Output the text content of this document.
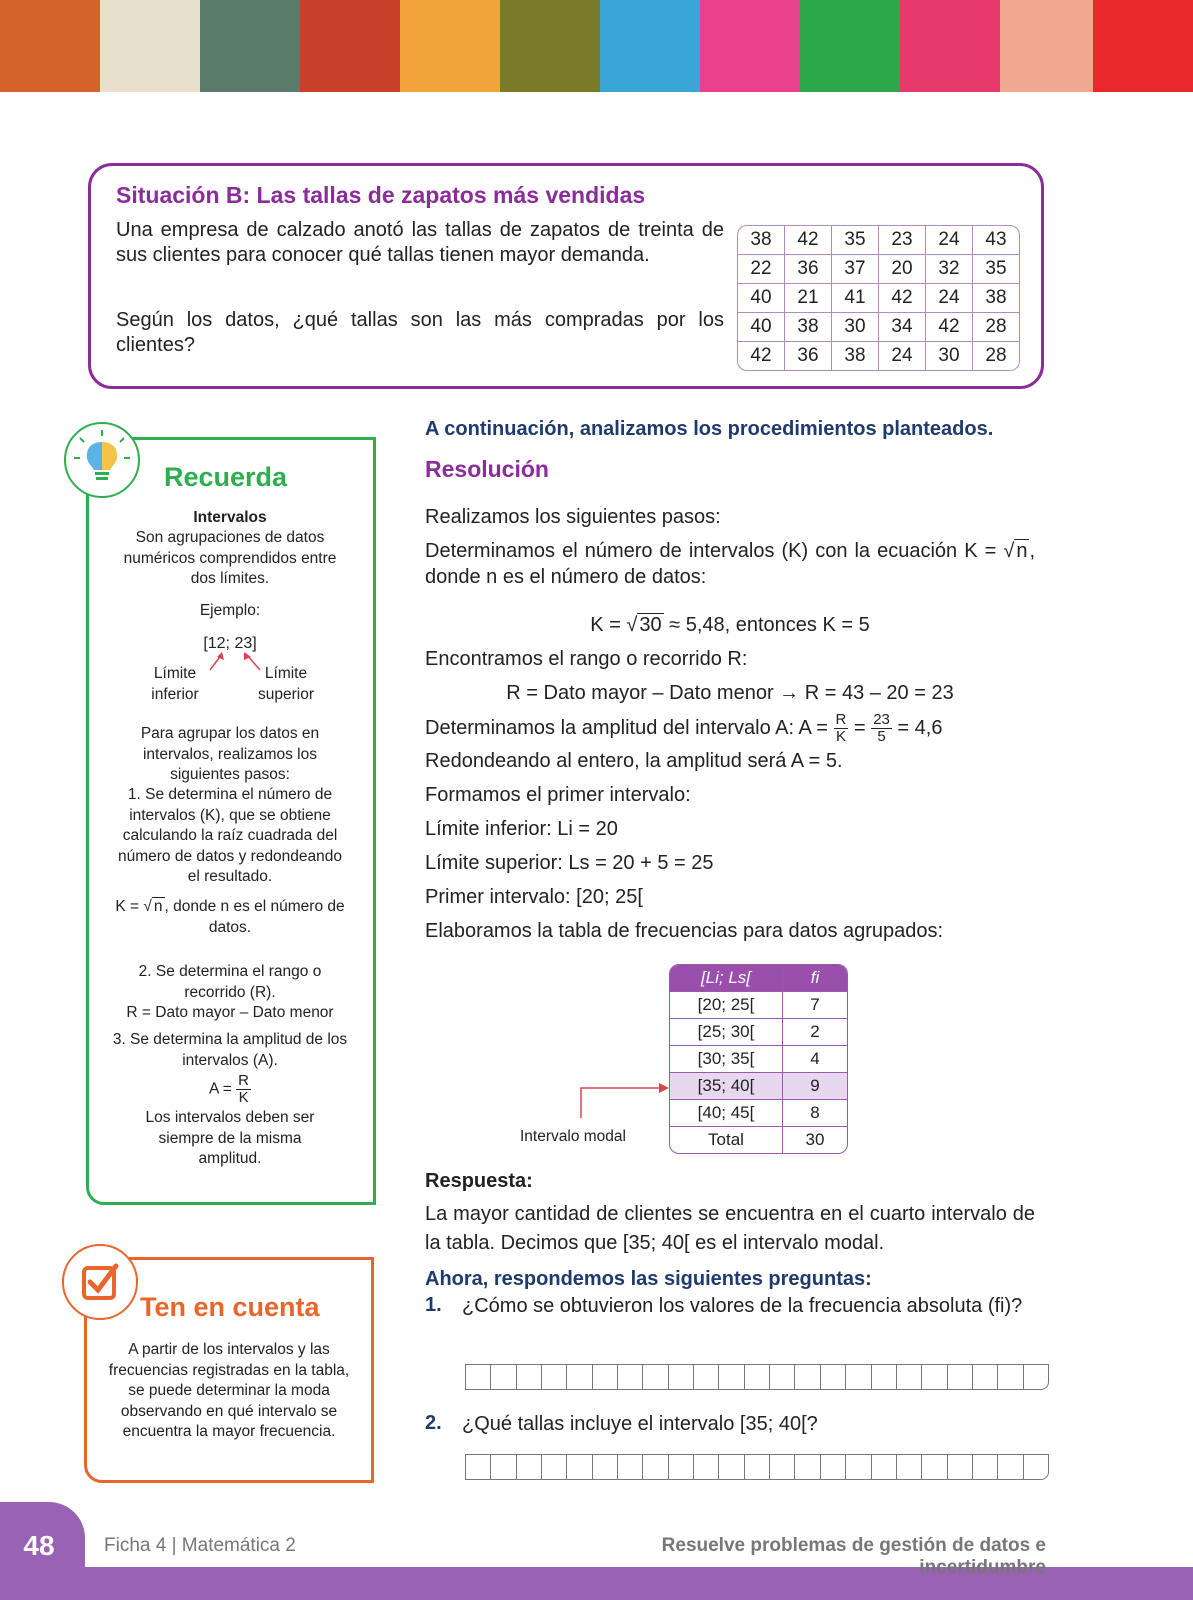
Situación B: Las tallas de zapatos más vendidas
Una empresa de calzado anotó las tallas de zapatos de treinta de sus clientes para conocer qué tallas tienen mayor demanda.
Según los datos, ¿qué tallas son las más compradas por los clientes?
38	42	35	23	24	43
22	36	37	20	32	35
40	21	41	42	24	38
40	38	30	34	42	28
42	36	38	24	30	28
Recuerda
Intervalos
Son agrupaciones de datos numéricos comprendidos entre dos límites.
Ejemplo:
[12; 23]
Límite inferior
Límite superior
Para agrupar los datos en intervalos, realizamos los siguientes pasos:
1. Se determina el número de intervalos (K), que se obtiene calculando la raíz cuadrada del número de datos y redondeando el resultado.
K = √ n , donde n es el número de datos.
2. Se determina el rango o recorrido (R).
R = Dato mayor – Dato menor
3. Se determina la amplitud de los intervalos (A).
$A = \frac{R}{K}$
Los intervalos deben ser siempre de la misma amplitud.
Ten en cuenta
A partir de los intervalos y las frecuencias registradas en la tabla, se puede determinar la moda observando en qué intervalo se encuentra la mayor frecuencia.
A continuación, analizamos los procedimientos planteados.
Resolución
Realizamos los siguientes pasos:
Determinamos el número de intervalos (K) con la ecuación K = √ n , donde n es el número de datos:
K = √ 30 ≈ 5,48, entonces K = 5
Encontramos el rango o recorrido R:
R = Dato mayor – Dato menor → R = 43 – 20 = 23
Determinamos la amplitud del intervalo A: $A = \frac{R}{K} = \frac{23}{5} = 4,6$
Redondeando al entero, la amplitud será A = 5.
Formamos el primer intervalo:
Límite inferior: Li = 20
Límite superior: Ls = 20 + 5 = 25
Primer intervalo: [20; 25[
Elaboramos la tabla de frecuencias para datos agrupados:
[Li; Ls[	fi
[20; 25[	7
[25; 30[	2
[30; 35[	4
[35; 40[	9
[40; 45[	8
Total	30
Intervalo modal
Respuesta:
La mayor cantidad de clientes se encuentra en el cuarto intervalo de la tabla. Decimos que [35; 40[ es el intervalo modal.
Ahora, respondemos las siguientes preguntas:
1. ¿Cómo se obtuvieron los valores de la frecuencia absoluta (fi)?
2. ¿Qué tallas incluye el intervalo [35; 40[?
48	Ficha 4 | Matemática 2	Resuelve problemas de gestión de datos e incertidumbre
